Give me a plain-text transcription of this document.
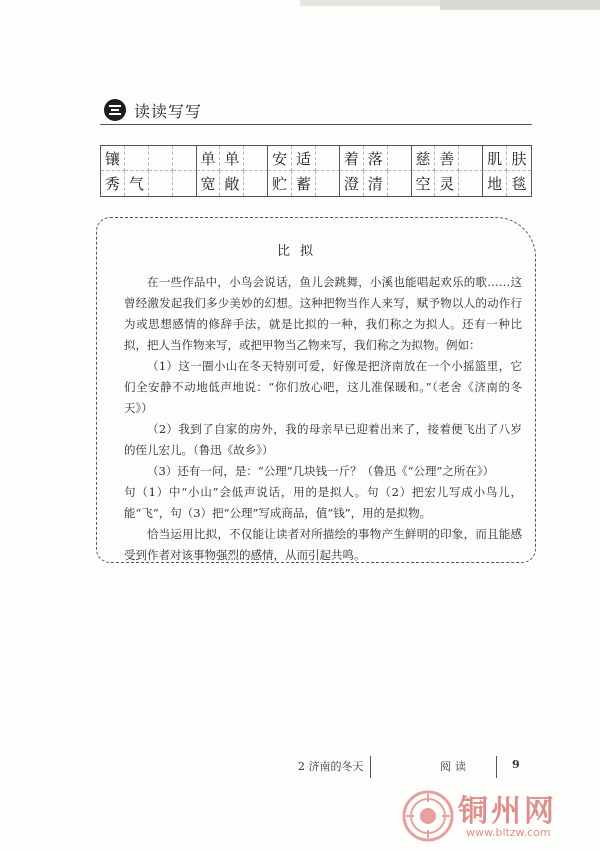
读读写写
镶	单 单	安 适	着 落	慈 善	肌 肤
秀 气	宽 敞	贮 蓄	澄 清	空 灵	地 毯
比拟

在一些作品中，小鸟会说话，鱼儿会跳舞，小溪也能唱起欢乐的歌……这曾经激发起我们多少美妙的幻想。这种把物当作人来写，赋予物以人的动作行为或思想感情的修辞手法，就是比拟的一种，我们称之为拟人。还有一种比拟，把人当作物来写，或把甲物当乙物来写，我们称之为拟物。例如：

（1）这一圈小山在冬天特别可爱，好像是把济南放在一个小摇篮里，它们全安静不动地低声地说：“你们放心吧，这儿准保暖和。”（老舍《济南的冬天》）

（2）我到了自家的房外，我的母亲早已迎着出来了，接着便飞出了八岁的侄儿宏儿。（鲁迅《故乡》）

（3）还有一问，是：“公理”几块钱一斤？（鲁迅《“公理”之所在》）

句（1）中“小山”会低声说话，用的是拟人。句（2）把宏儿写成小鸟儿，能“飞”，句（3）把“公理”写成商品，值“钱”，用的是拟物。

恰当运用比拟，不仅能让读者对所描绘的事物产生鲜明的印象，而且能感受到作者对该事物强烈的感情，从而引起共鸣。

2 济南的冬天	阅读	9
铜州网
www.bltzw.com
